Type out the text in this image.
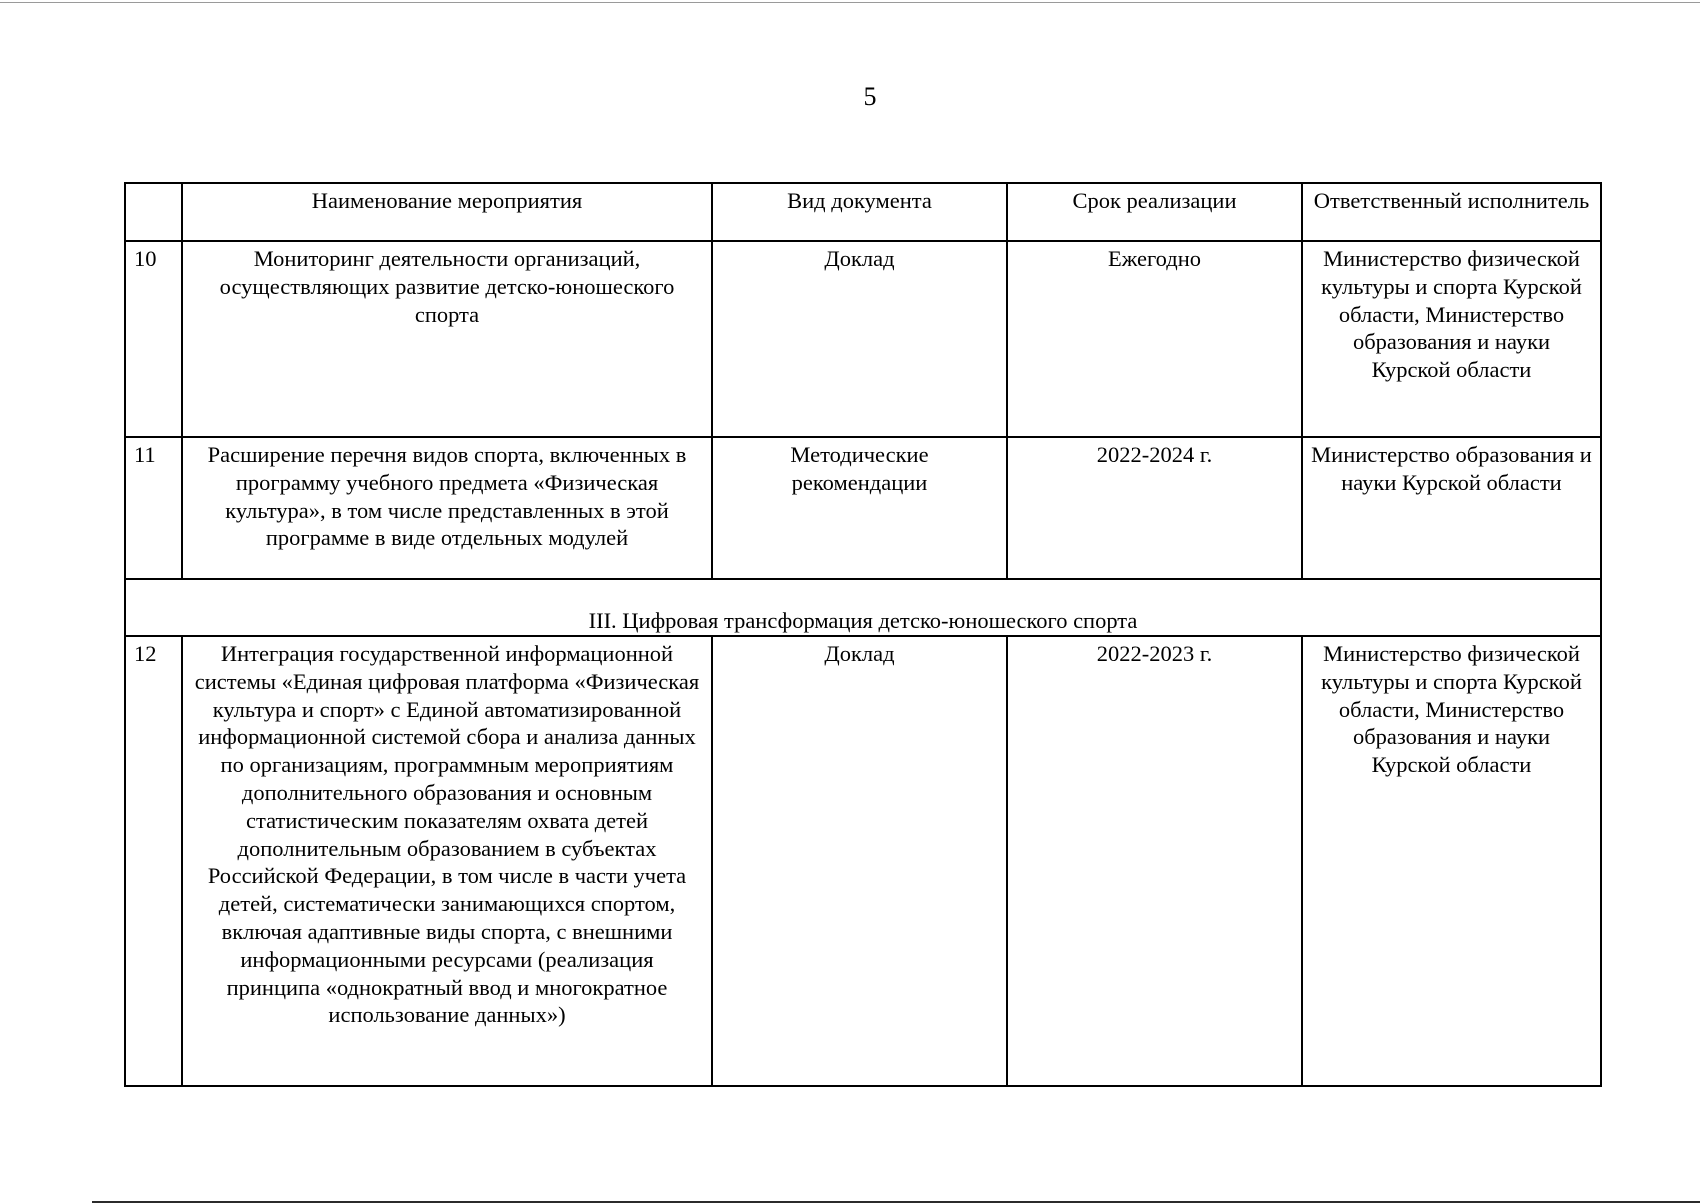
5
	Наименование мероприятия	Вид документа	Срок реализации	Ответственный исполнитель
10	Мониторинг деятельности организаций, осуществляющих развитие детско-юношеского спорта	Доклад	Ежегодно	Министерство физической культуры и спорта Курской области, Министерство образования и науки Курской области
11	Расширение перечня видов спорта, включенных в программу учебного предмета «Физическая культура», в том числе представленных в этой программе в виде отдельных модулей	Методические рекомендации	2022-2024 г.	Министерство образования и науки Курской области
III. Цифровая трансформация детско-юношеского спорта				
12	Интеграция государственной информационной системы «Единая цифровая платформа «Физическая культура и спорт» с Единой автоматизированной информационной системой сбора и анализа данных по организациям, программным мероприятиям дополнительного образования и основным статистическим показателям охвата детей дополнительным образованием в субъектах Российской Федерации, в том числе в части учета детей, систематически занимающихся спортом, включая адаптивные виды спорта, с внешними информационными ресурсами (реализация принципа «однократный ввод и многократное использование данных»)	Доклад	2022-2023 г.	Министерство физической культуры и спорта Курской области, Министерство образования и науки Курской области
